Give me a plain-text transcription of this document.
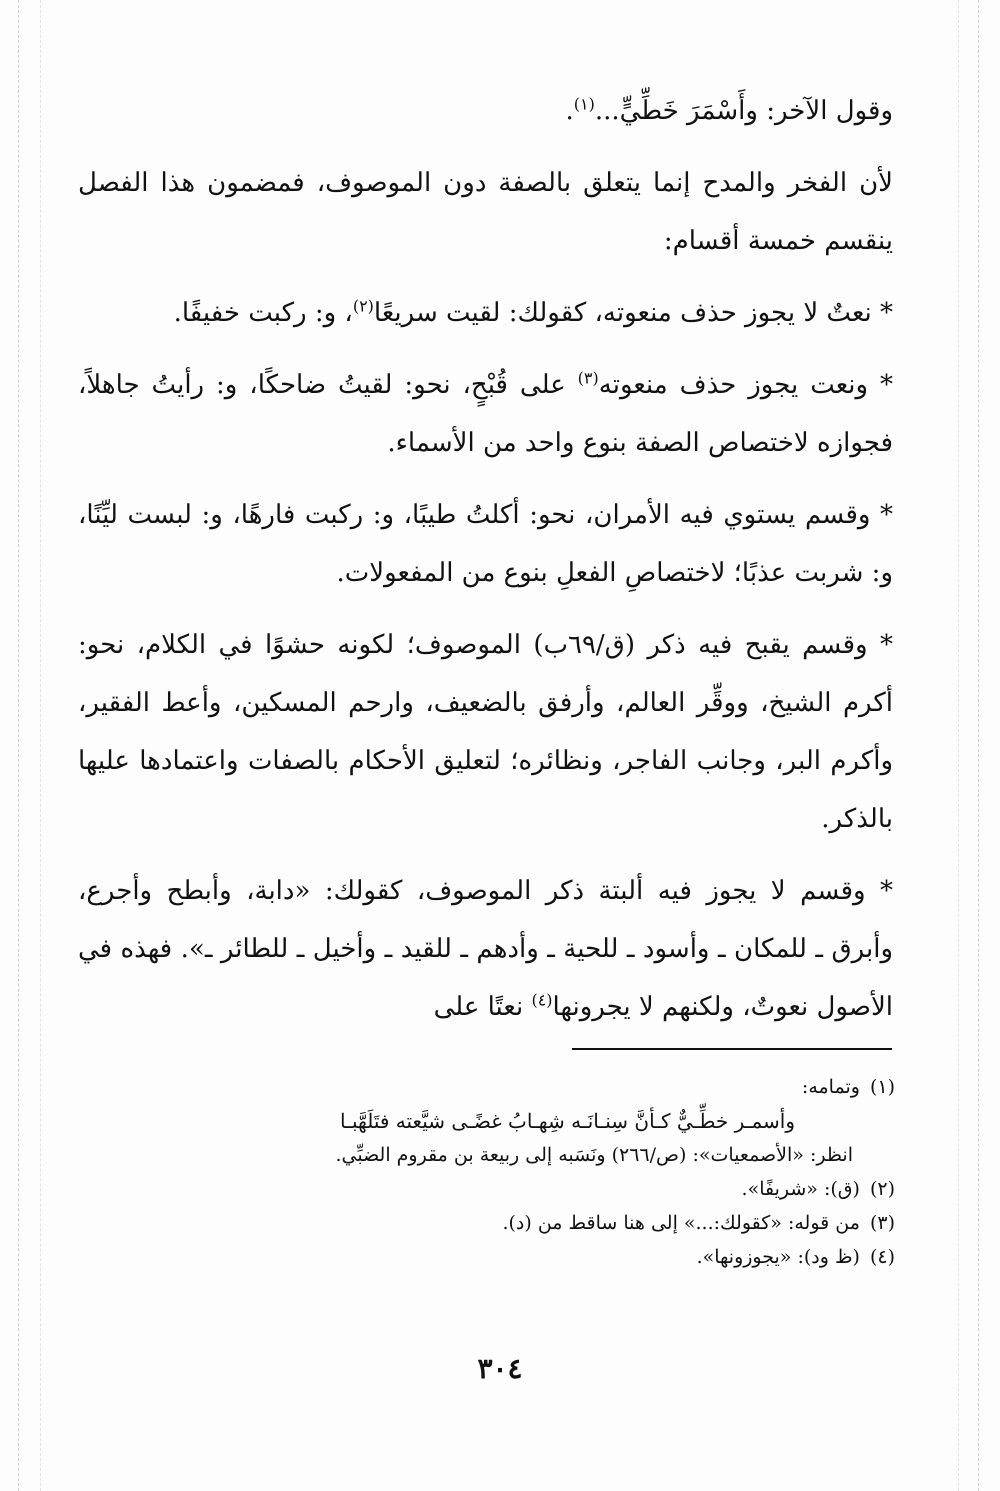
وقول الآخر: وأَسْمَرَ خَطِّيٍّ...$^{(١)}$.

لأن الفخر والمدح إنما يتعلق بالصفة دون الموصوف، فمضمون هذا الفصل ينقسم خمسة أقسام:

* نعتٌ لا يجوز حذف منعوته، كقولك: لقيت سريعًا$^{(٢)}$، و: ركبت خفيفًا.

* ونعت يجوز حذف منعوته$^{(٣)}$ على قُبْحٍ، نحو: لقيتُ ضاحكًا، و: رأيتُ جاهلاً، فجوازه لاختصاص الصفة بنوع واحد من الأسماء.

* وقسم يستوي فيه الأمران، نحو: أكلتُ طيبًا، و: ركبت فارهًا، و: لبست ليِّنًا، و: شربت عذبًا؛ لاختصاصِ الفعلِ بنوع من المفعولات.

* وقسم يقبح فيه ذكر (ق/٦٩ب) الموصوف؛ لكونه حشوًا في الكلام، نحو: أكرم الشيخ، ووقِّر العالم، وأرفق بالضعيف، وارحم المسكين، وأعط الفقير، وأكرم البر، وجانب الفاجر، ونظائره؛ لتعليق الأحكام بالصفات واعتمادها عليها بالذكر.

* وقسم لا يجوز فيه ألبتة ذكر الموصوف، كقولك: «دابة، وأبطح وأجرع، وأبرق ـ للمكان ـ وأسود ـ للحية ـ وأدهم ـ للقيد ـ وأخيل ـ للطائر ـ». فهذه في الأصول نعوتٌ، ولكنهم لا يجرونها$^{(٤)}$ نعتًا على

(١)وتمامه:

وأسمـر خطِّـيٌّ كـأنَّ سِنـانَـه شِهـابُ غضًـى شيَّعته فتَلَهَّبـا

انظر: «الأصمعيات»: (ص/٢٦٦) ونَسَبه إلى ربيعة بن مقروم الضبِّي.

(٢)(ق): «شريفًا».

(٣)من قوله: «كقولك:...» إلى هنا ساقط من (د).

(٤)(ظ ود): «يجوزونها».

٣٠٤
